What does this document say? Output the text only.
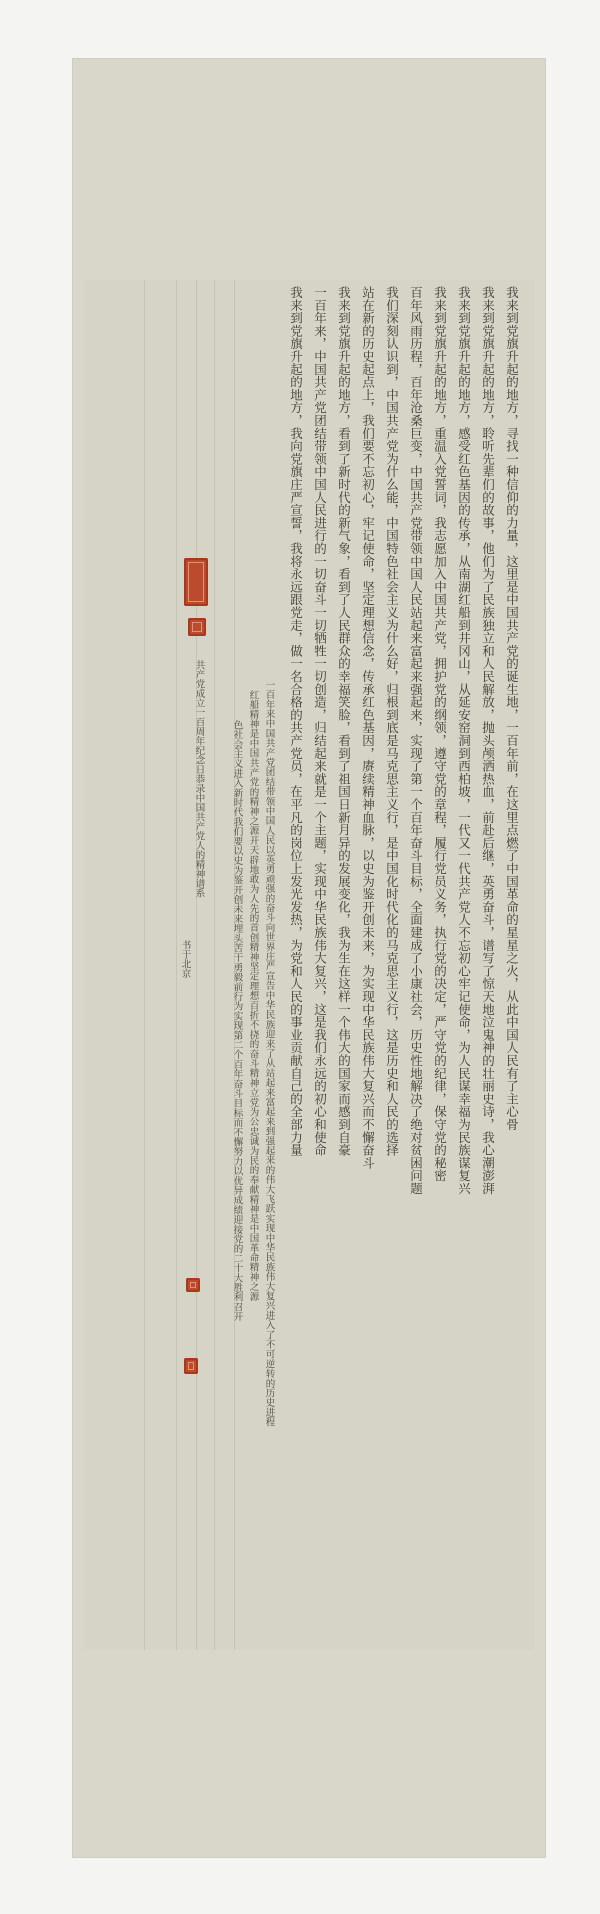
我来到党旗升起的地方，寻找一种信仰的力量，这里是中国共产党的诞生地，一百年前，在这里点燃了中国革命的星星之火，从此中国人民有了主心骨
我来到党旗升起的地方，聆听先辈们的故事，他们为了民族独立和人民解放，抛头颅洒热血，前赴后继，英勇奋斗，谱写了惊天地泣鬼神的壮丽史诗，我心潮澎湃
我来到党旗升起的地方，感受红色基因的传承，从南湖红船到井冈山，从延安窑洞到西柏坡，一代又一代共产党人不忘初心牢记使命，为人民谋幸福为民族谋复兴
我来到党旗升起的地方，重温入党誓词，我志愿加入中国共产党，拥护党的纲领，遵守党的章程，履行党员义务，执行党的决定，严守党的纪律，保守党的秘密
百年风雨历程，百年沧桑巨变，中国共产党带领中国人民站起来富起来强起来，实现了第一个百年奋斗目标，全面建成了小康社会，历史性地解决了绝对贫困问题
我们深刻认识到，中国共产党为什么能，中国特色社会主义为什么好，归根到底是马克思主义行，是中国化时代化的马克思主义行，这是历史和人民的选择
站在新的历史起点上，我们要不忘初心，牢记使命，坚定理想信念，传承红色基因，赓续精神血脉，以史为鉴开创未来，为实现中华民族伟大复兴而不懈奋斗
我来到党旗升起的地方，看到了新时代的新气象，看到了人民群众的幸福笑脸，看到了祖国日新月异的发展变化，我为生在这样一个伟大的国家而感到自豪
一百年来，中国共产党团结带领中国人民进行的一切奋斗一切牺牲一切创造，归结起来就是一个主题，实现中华民族伟大复兴，这是我们永远的初心和使命
我来到党旗升起的地方，我向党旗庄严宣誓，我将永远跟党走，做一名合格的共产党员，在平凡的岗位上发光发热，为党和人民的事业贡献自己的全部力量
一百年来中国共产党团结带领中国人民以英勇顽强的奋斗向世界庄严宣告中华民族迎来了从站起来富起来到强起来的伟大飞跃实现中华民族伟大复兴进入了不可逆转的历史进程
红船精神是中国共产党的精神之源开天辟地敢为人先的首创精神坚定理想百折不挠的奋斗精神立党为公忠诚为民的奉献精神是中国革命精神之源
色社会主义进入新时代我们要以史为鉴开创未来埋头苦干勇毅前行为实现第二个百年奋斗目标而不懈努力以优异成绩迎接党的二十大胜利召开
共产党成立一百周年纪念日恭录中国共产党人的精神谱系
书于北京
